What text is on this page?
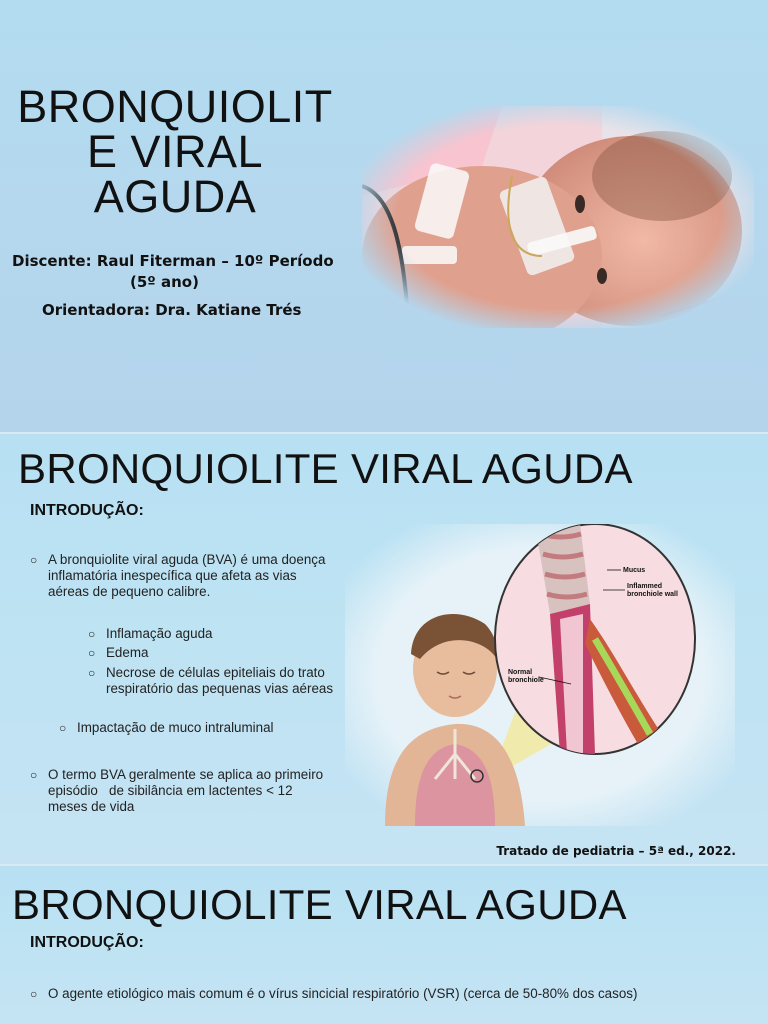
BRONQUIOLIT
E VIRAL
AGUDA
Discente: Raul Fiterman – 10º Período
(5º ano)
Orientadora: Dra. Katiane Trés
BRONQUIOLITE VIRAL AGUDA
INTRODUÇÃO:
○ A bronquiolite viral aguda (BVA) é uma doença
inflamatória inespecífica que afeta as vias
aéreas de pequeno calibre.
○ Inflamação aguda
○ Edema
○ Necrose de células epiteliais do trato
respiratório das pequenas vias aéreas
○ Impactação de muco intraluminal
○ O termo BVA geralmente se aplica ao primeiro
episódio   de sibilância em lactentes < 12
meses de vida
Mucus
Inflammed
bronchiole wall
Normal
bronchiole
Tratado de pediatria – 5ª ed., 2022.
BRONQUIOLITE VIRAL AGUDA
INTRODUÇÃO:
○ O agente etiológico mais comum é o vírus sincicial respiratório (VSR) (cerca de 50-80% dos casos)
